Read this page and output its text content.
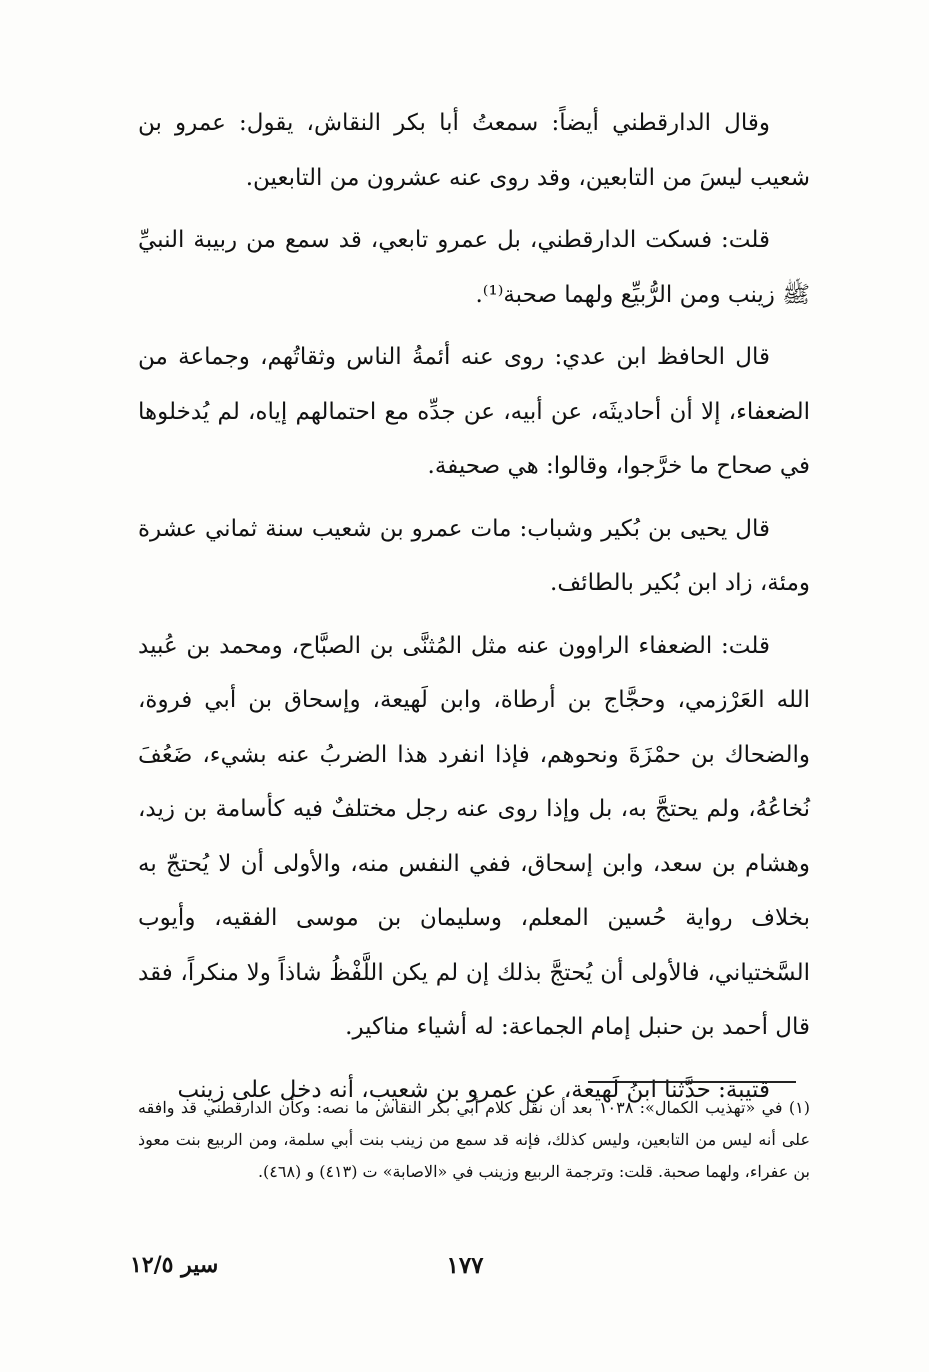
وقال الدارقطني أيضاً: سمعتُ أبا بكر النقاش، يقول: عمرو بن شعيب ليسَ من التابعين، وقد روى عنه عشرون من التابعين.

قلت: فسكت الدارقطني، بل عمرو تابعي، قد سمع من ربيبة النبيِّ ﷺ زينب ومن الرُّبيِّع ولهما صحبة⁽¹⁾.

قال الحافظ ابن عدي: روى عنه أئمةُ الناس وثقاتُهم، وجماعة من الضعفاء، إلا أن أحاديثَه، عن أبيه، عن جدِّه مع احتمالهم إياه، لم يُدخلوها في صحاح ما خرَّجوا، وقالوا: هي صحيفة.

قال يحيى بن بُكير وشباب: مات عمرو بن شعيب سنة ثماني عشرة ومئة، زاد ابن بُكير بالطائف.

قلت: الضعفاء الراوون عنه مثل المُثنَّى بن الصبَّاح، ومحمد بن عُبيد الله العَرْزمي، وحجَّاج بن أرطاة، وابن لَهيعة، وإسحاق بن أبي فروة، والضحاك بن حمْزَةَ ونحوهم، فإذا انفرد هذا الضربُ عنه بشيء، ضَعُفَ نُخاعُهُ، ولم يحتجَّ به، بل وإذا روى عنه رجل مختلفٌ فيه كأسامة بن زيد، وهشام بن سعد، وابن إسحاق، ففي النفس منه، والأولى أن لا يُحتجّ به بخلاف رواية حُسين المعلم، وسليمان بن موسى الفقيه، وأيوب السَّختياني، فالأولى أن يُحتجَّ بذلك إن لم يكن اللَّفْظُ شاذاً ولا منكراً، فقد قال أحمد بن حنبل إمام الجماعة: له أشياء مناكير.

قتيبة: حدَّثنا ابنُ لَهيعة، عن عمرو بن شعيب، أنه دخل على زينب

(١) في «تهذيب الكمال»: ١٠٣٨ بعد أن نقل كلام أبي بكر النقاش ما نصه: وكأن الدارقطني قد وافقه على أنه ليس من التابعين، وليس كذلك، فإنه قد سمع من زينب بنت أبي سلمة، ومن الربيع بنت معوذ بن عفراء، ولهما صحبة. قلت: وترجمة الربيع وزينب في «الاصابة» ت (٤١٣) و (٤٦٨).

سير ١٢/٥	١٧٧
